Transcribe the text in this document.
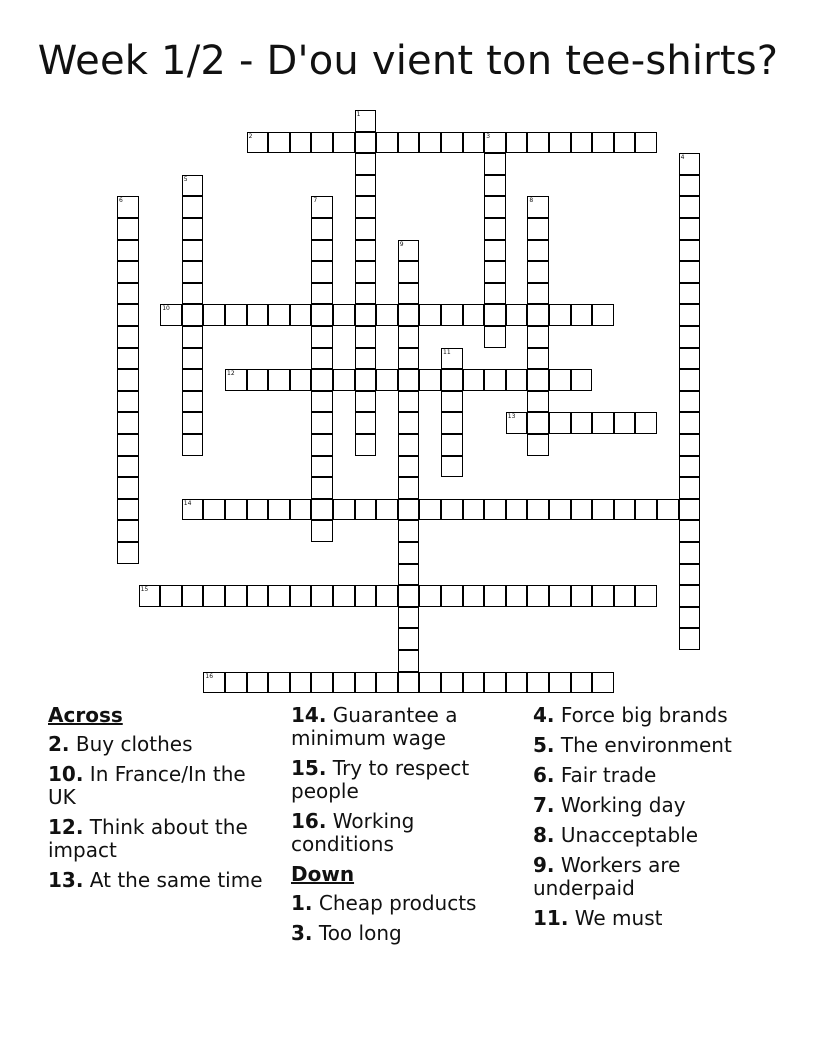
Week 1/2 - D'ou vient ton tee-shirts?
1
2	3
4
5
6	7	8
9
10
11
12
13
14
15
16
Across
2. Buy clothes
10. In France/In the UK
12. Think about the impact
13. At the same time
14. Guarantee a minimum wage
15. Try to respect people
16. Working conditions
Down
1. Cheap products
3. Too long
4. Force big brands
5. The environment
6. Fair trade
7. Working day
8. Unacceptable
9. Workers are underpaid
11. We must
